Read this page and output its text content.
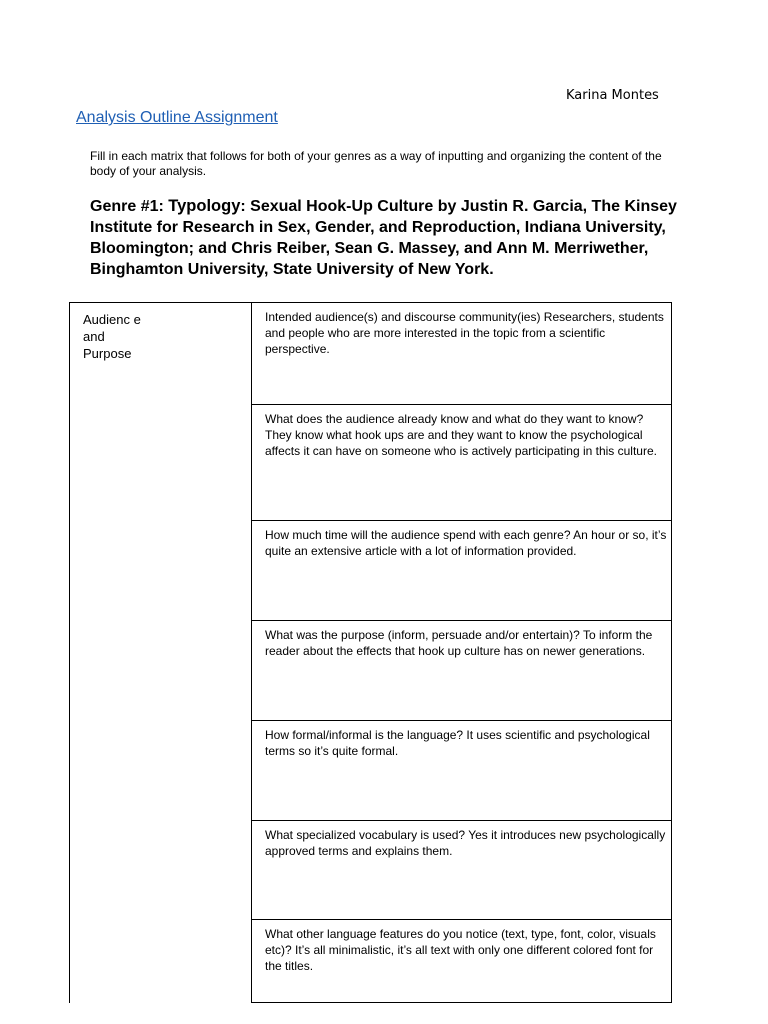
Karina Montes
Analysis Outline Assignment
Fill in each matrix that follows for both of your genres as a way of inputting and organizing the content of the body of your analysis.
Genre #1: Typology: Sexual Hook-Up Culture by Justin R. Garcia, The Kinsey Institute for Research in Sex, Gender, and Reproduction, Indiana University, Bloomington; and Chris Reiber, Sean G. Massey, and Ann M. Merriwether, Binghamton University, State University of New York.
Audienc e and Purpose
Intended audience(s) and discourse community(ies) Researchers, students and people who are more interested in the topic from a scientific perspective.
What does the audience already know and what do they want to know? They know what hook ups are and they want to know the psychological affects it can have on someone who is actively participating in this culture.
How much time will the audience spend with each genre? An hour or so, it’s quite an extensive article with a lot of information provided.
What was the purpose (inform, persuade and/or entertain)? To inform the reader about the effects that hook up culture has on newer generations.
How formal/informal is the language? It uses scientific and psychological terms so it’s quite formal.
What specialized vocabulary is used? Yes it introduces new psychologically approved terms and explains them.
What other language features do you notice (text, type, font, color, visuals etc)? It’s all minimalistic, it’s all text with only one different colored font for the titles.
